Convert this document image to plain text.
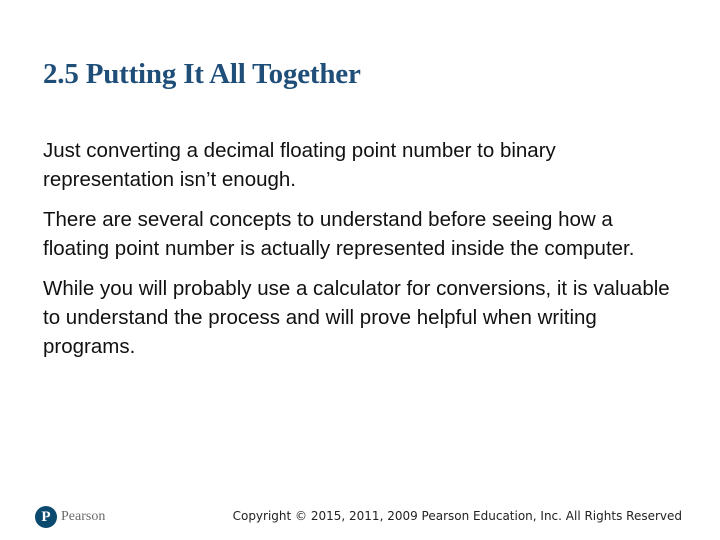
2.5 Putting It All Together

Just converting a decimal floating point number to binary representation isn’t enough.

There are several concepts to understand before seeing how a floating point number is actually represented inside the computer.

While you will probably use a calculator for conversions, it is valuable to understand the process and will prove helpful when writing programs.

P Pearson	Copyright © 2015, 2011, 2009 Pearson Education, Inc. All Rights Reserved
